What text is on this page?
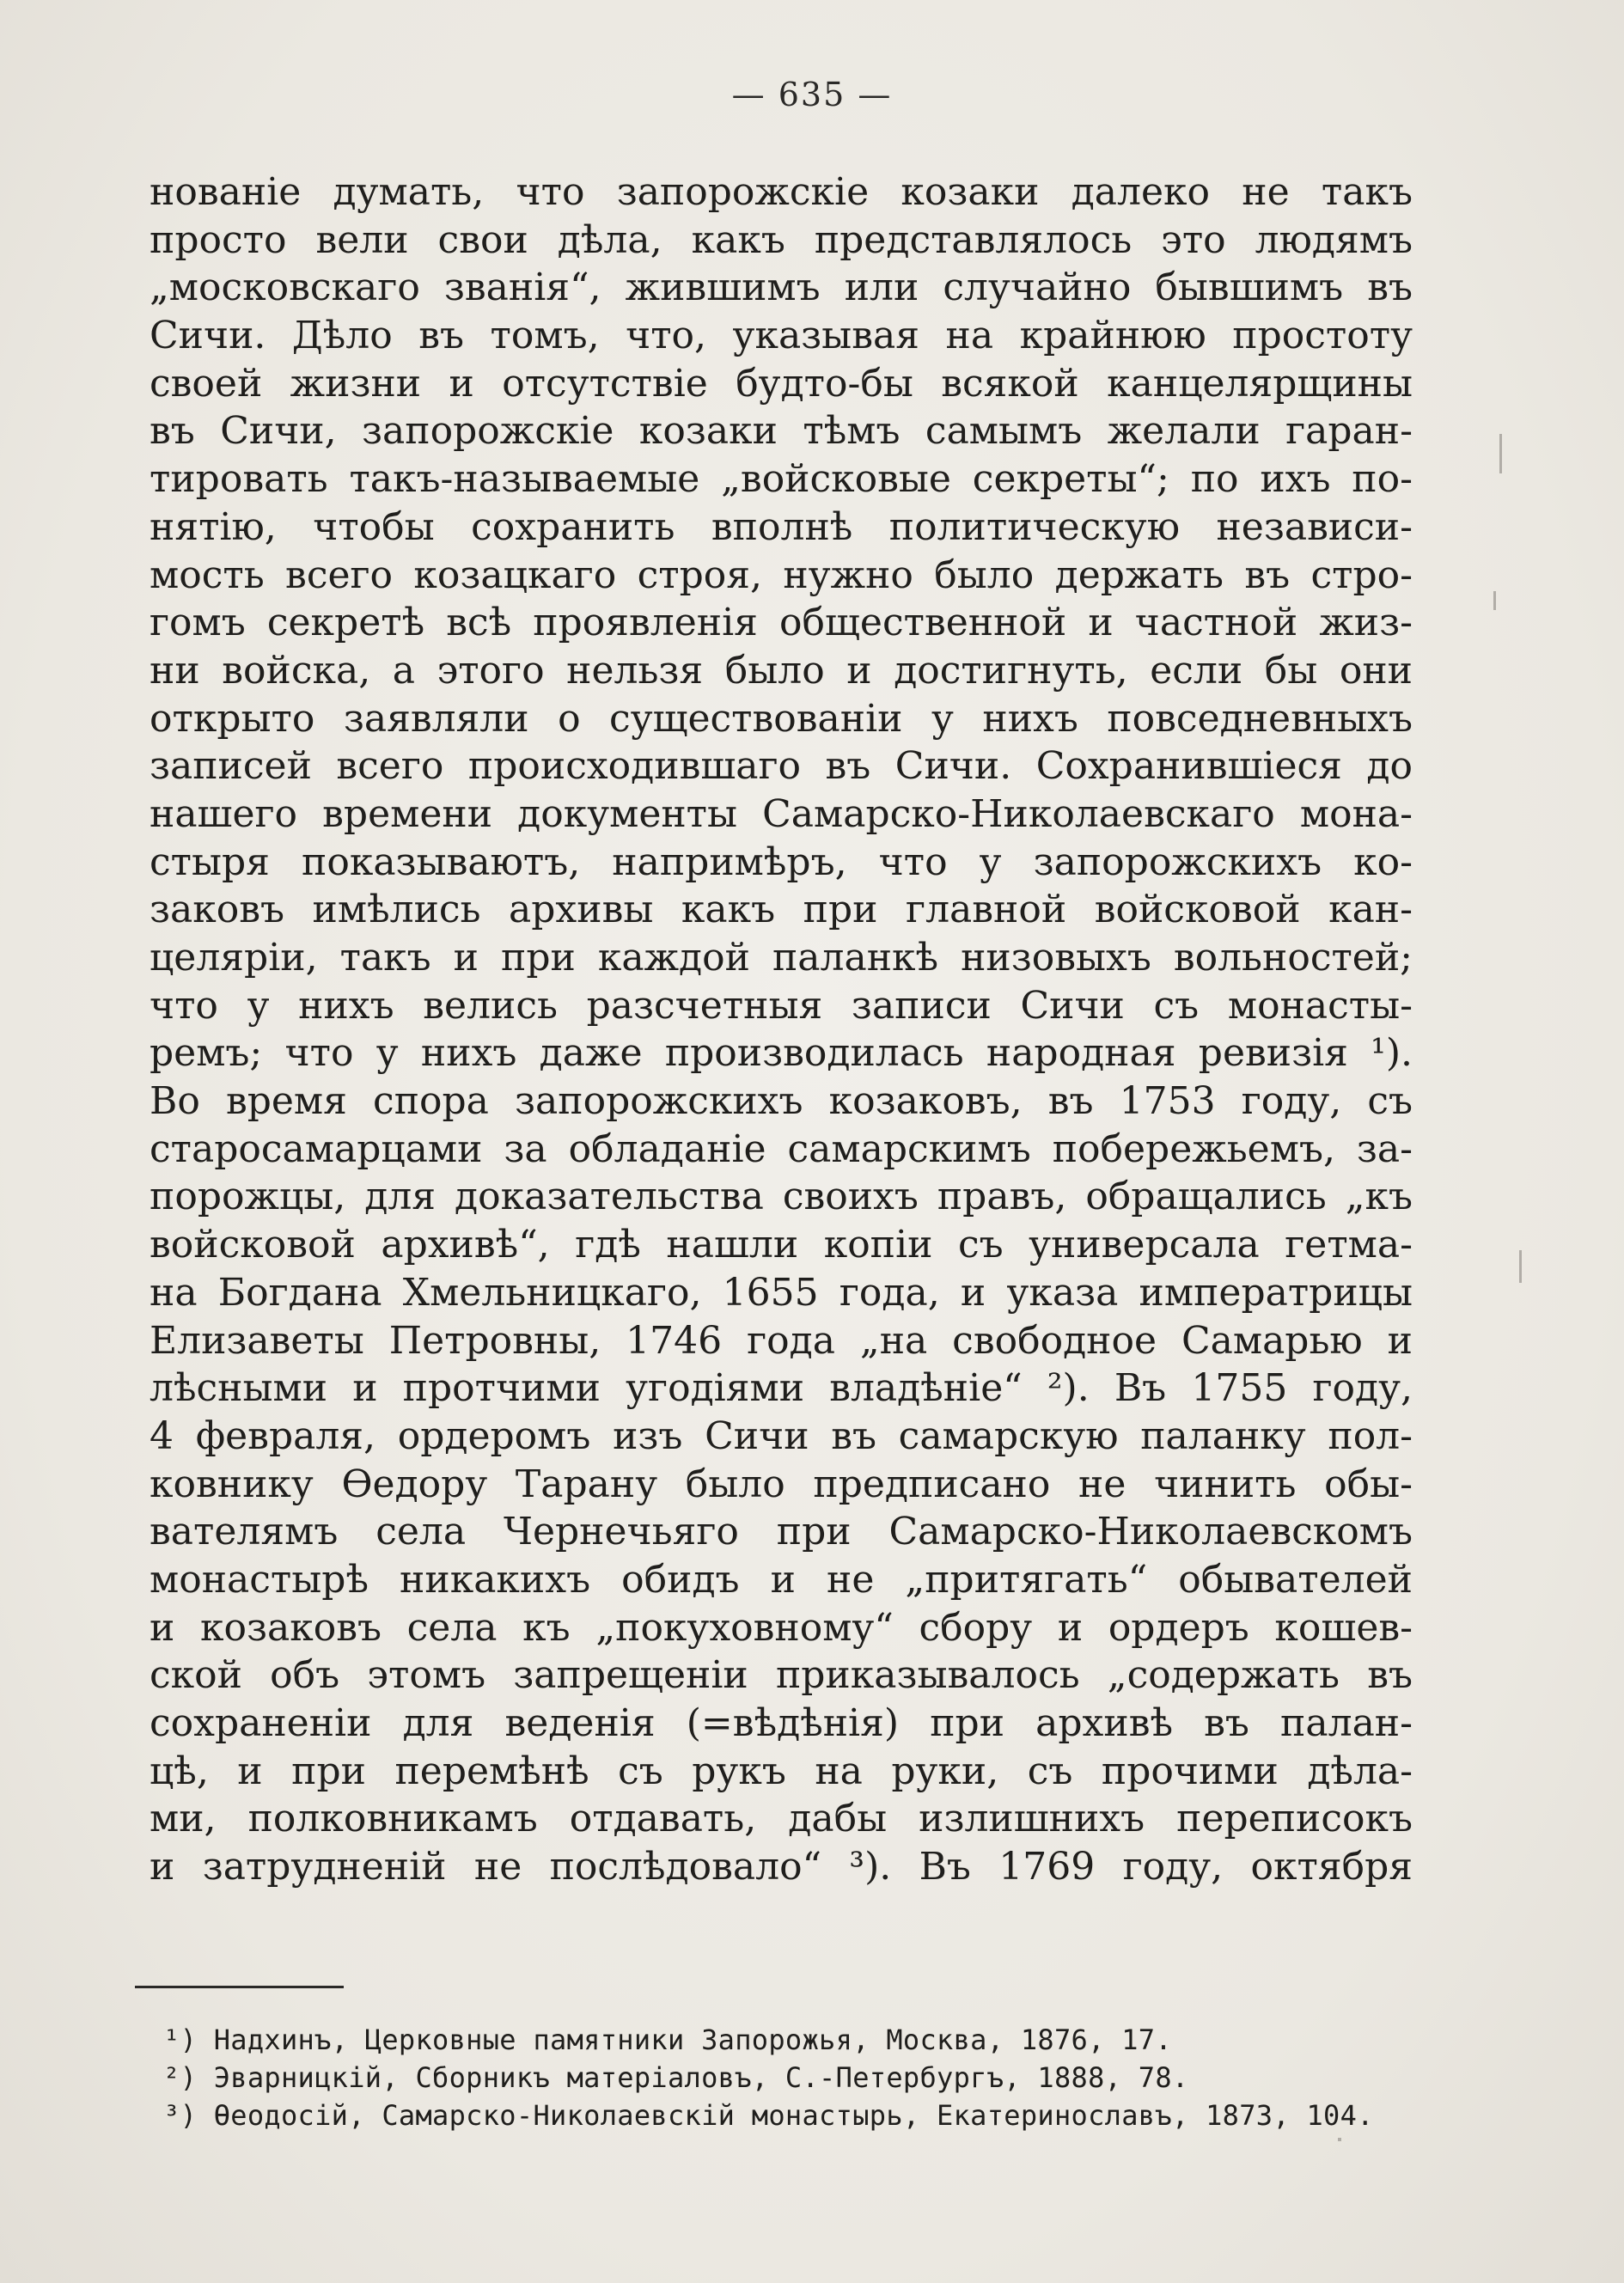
— 635 —
нованіе думать, что запорожскіе козаки далеко не такъ
просто вели свои дѣла, какъ представлялось это людямъ
„московскаго званія“, жившимъ или случайно бывшимъ въ
Сичи. Дѣло въ томъ, что, указывая на крайнюю простоту
своей жизни и отсутствіе будто-бы всякой канцелярщины
въ Сичи, запорожскіе козаки тѣмъ самымъ желали гаран-
тировать такъ-называемые „войсковые секреты“; по ихъ по-
нятію, чтобы сохранить вполнѣ политическую независи-
мость всего козацкаго строя, нужно было держать въ стро-
гомъ секретѣ всѣ проявленія общественной и частной жиз-
ни войска, а этого нельзя было и достигнуть, если бы они
открыто заявляли о существованіи у нихъ повседневныхъ
записей всего происходившаго въ Сичи. Сохранившіеся до
нашего времени документы Самарско-Николаевскаго мона-
стыря показываютъ, напримѣръ, что у запорожскихъ ко-
заковъ имѣлись архивы какъ при главной войсковой кан-
целяріи, такъ и при каждой паланкѣ низовыхъ вольностей;
что у нихъ велись разсчетныя записи Сичи съ монасты-
ремъ; что у нихъ даже производилась народная ревизія ¹).
Во время спора запорожскихъ козаковъ, въ 1753 году, съ
старосамарцами за обладаніе самарскимъ побережьемъ, за-
порожцы, для доказательства своихъ правъ, обращались „къ
войсковой архивѣ“, гдѣ нашли копіи съ универсала гетма-
на Богдана Хмельницкаго, 1655 года, и указа императрицы
Елизаветы Петровны, 1746 года „на свободное Самарью и
лѣсными и протчими угодіями владѣніе“ ²). Въ 1755 году,
4 февраля, ордеромъ изъ Сичи въ самарскую паланку пол-
ковнику Ѳедору Тарану было предписано не чинить обы-
вателямъ села Чернечьяго при Самарско-Николаевскомъ
монастырѣ никакихъ обидъ и не „притягать“ обывателей
и козаковъ села къ „покуховному“ сбору и ордеръ кошев-
ской объ этомъ запрещеніи приказывалось „содержать въ
сохраненіи для веденія (=вѣдѣнія) при архивѣ въ палан-
цѣ, и при перемѣнѣ съ рукъ на руки, съ прочими дѣла-
ми, полковникамъ отдавать, дабы излишнихъ переписокъ
и затрудненій не послѣдовало“ ³). Въ 1769 году, октября
¹) Надхинъ, Церковные памятники Запорожья, Москва, 1876, 17.
²) Эварницкій, Сборникъ матеріаловъ, С.-Петербургъ, 1888, 78.
³) Ѳеодосій, Самарско-Николаевскій монастырь, Екатеринославъ, 1873, 104.
